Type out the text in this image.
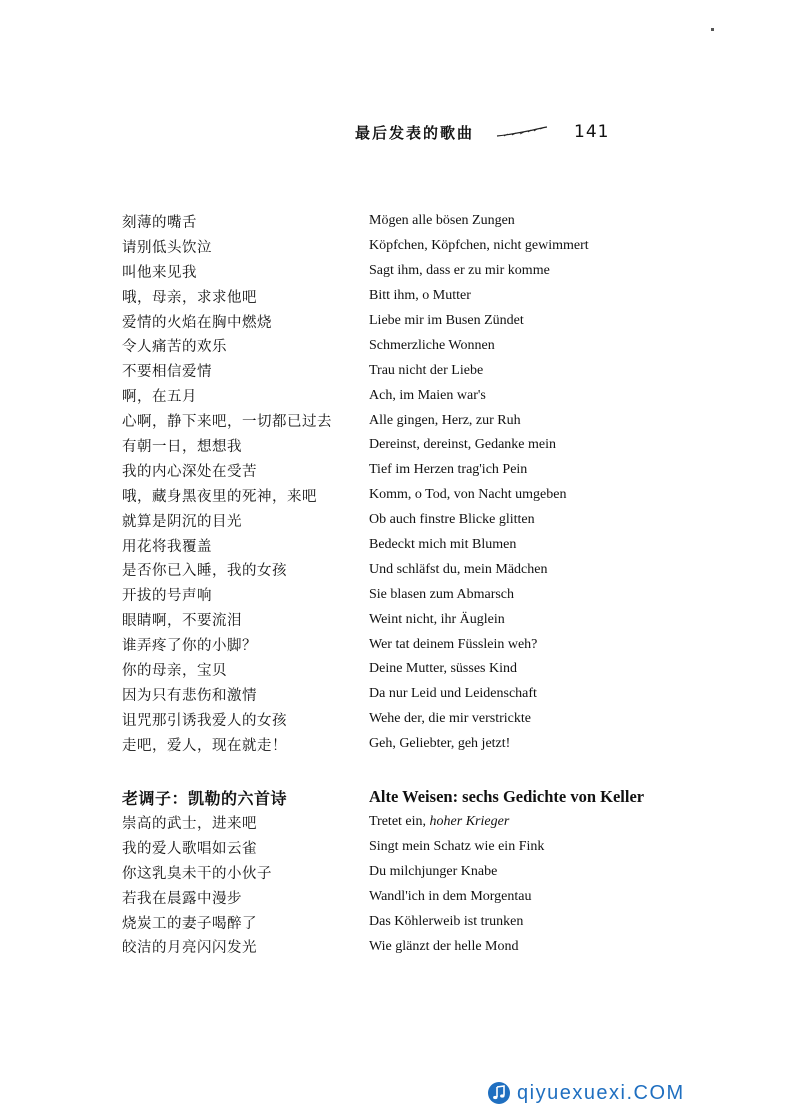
最后发表的歌曲	141
刻薄的嘴舌	Mögen alle bösen Zungen
请别低头饮泣	Köpfchen, Köpfchen, nicht gewimmert
叫他来见我	Sagt ihm, dass er zu mir komme
哦，母亲，求求他吧	Bitt ihm, o Mutter
爱情的火焰在胸中燃烧	Liebe mir im Busen Zündet
令人痛苦的欢乐	Schmerzliche Wonnen
不要相信爱情	Trau nicht der Liebe
啊，在五月	Ach, im Maien war's
心啊，静下来吧，一切都已过去	Alle gingen, Herz, zur Ruh
有朝一日，想想我	Dereinst, dereinst, Gedanke mein
我的内心深处在受苦	Tief im Herzen trag'ich Pein
哦，藏身黑夜里的死神，来吧	Komm, o Tod, von Nacht umgeben
就算是阴沉的目光	Ob auch finstre Blicke glitten
用花将我覆盖	Bedeckt mich mit Blumen
是否你已入睡，我的女孩	Und schläfst du, mein Mädchen
开拔的号声响	Sie blasen zum Abmarsch
眼睛啊，不要流泪	Weint nicht, ihr Äuglein
谁弄疼了你的小脚？	Wer tat deinem Füsslein weh?
你的母亲，宝贝	Deine Mutter, süsses Kind
因为只有悲伤和激情	Da nur Leid und Leidenschaft
诅咒那引诱我爱人的女孩	Wehe der, die mir verstrickte
走吧，爱人，现在就走！	Geh, Geliebter, geh jetzt!
老调子：凯勒的六首诗	Alte Weisen: sechs Gedichte von Keller
崇高的武士，进来吧	Tretet ein, hoher Krieger
我的爱人歌唱如云雀	Singt mein Schatz wie ein Fink
你这乳臭未干的小伙子	Du milchjunger Knabe
若我在晨露中漫步	Wandl'ich in dem Morgentau
烧炭工的妻子喝醉了	Das Köhlerweib ist trunken
皎洁的月亮闪闪发光	Wie glänzt der helle Mond
qiyuexuexi.COM
